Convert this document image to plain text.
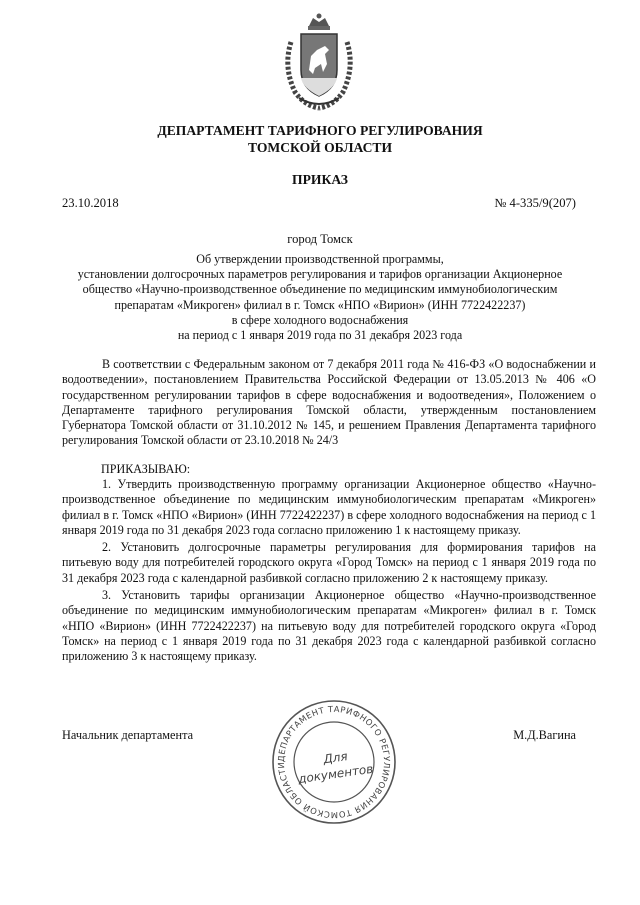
ДЕПАРТАМЕНТ ТАРИФНОГО РЕГУЛИРОВАНИЯ
ТОМСКОЙ ОБЛАСТИ
ПРИКАЗ
23.10.2018	№ 4-335/9(207)
город Томск
Об утверждении производственной программы,
установлении долгосрочных параметров регулирования и тарифов организации Акционерное
общество «Научно-производственное объединение по медицинским иммунобиологическим
препаратам «Микроген» филиал в г. Томск «НПО «Вирион» (ИНН 7722422237)
в сфере холодного водоснабжения
на период с 1 января 2019 года по 31 декабря 2023 года
В соответствии с Федеральным законом от 7 декабря 2011 года № 416-ФЗ «О водоснабжении и водоотведении», постановлением Правительства Российской Федерации от 13.05.2013 № 406 «О государственном регулировании тарифов в сфере водоснабжения и водоотведения», Положением о Департаменте тарифного регулирования Томской области, утвержденным постановлением Губернатора Томской области от 31.10.2012 № 145, и решением Правления Департамента тарифного регулирования Томской области от 23.10.2018 № 24/3
ПРИКАЗЫВАЮ:

1. Утвердить производственную программу организации Акционерное общество «Научно-производственное объединение по медицинским иммунобиологическим препаратам «Микроген» филиал в г. Томск «НПО «Вирион» (ИНН 7722422237) в сфере холодного водоснабжения на период с 1 января 2019 года по 31 декабря 2023 года согласно приложению 1 к настоящему приказу.

2. Установить долгосрочные параметры регулирования для формирования тарифов на питьевую воду для потребителей городского округа «Город Томск» на период с 1 января 2019 года по 31 декабря 2023 года с календарной разбивкой согласно приложению 2 к настоящему приказу.

3. Установить тарифы организации Акционерное общество «Научно-производственное объединение по медицинским иммунобиологическим препаратам «Микроген» филиал в г. Томск «НПО «Вирион» (ИНН 7722422237) на питьевую воду для потребителей городского округа «Город Томск» на период с 1 января 2019 года по 31 декабря 2023 года с календарной разбивкой согласно приложению 3 к настоящему приказу.

Начальник департамента	М.Д.Вагина
ДЕПАРТАМЕНТ ТАРИФНОГО РЕГУЛИРОВАНИЯ ТОМСКОЙ ОБЛАСТИ	Для
документов
